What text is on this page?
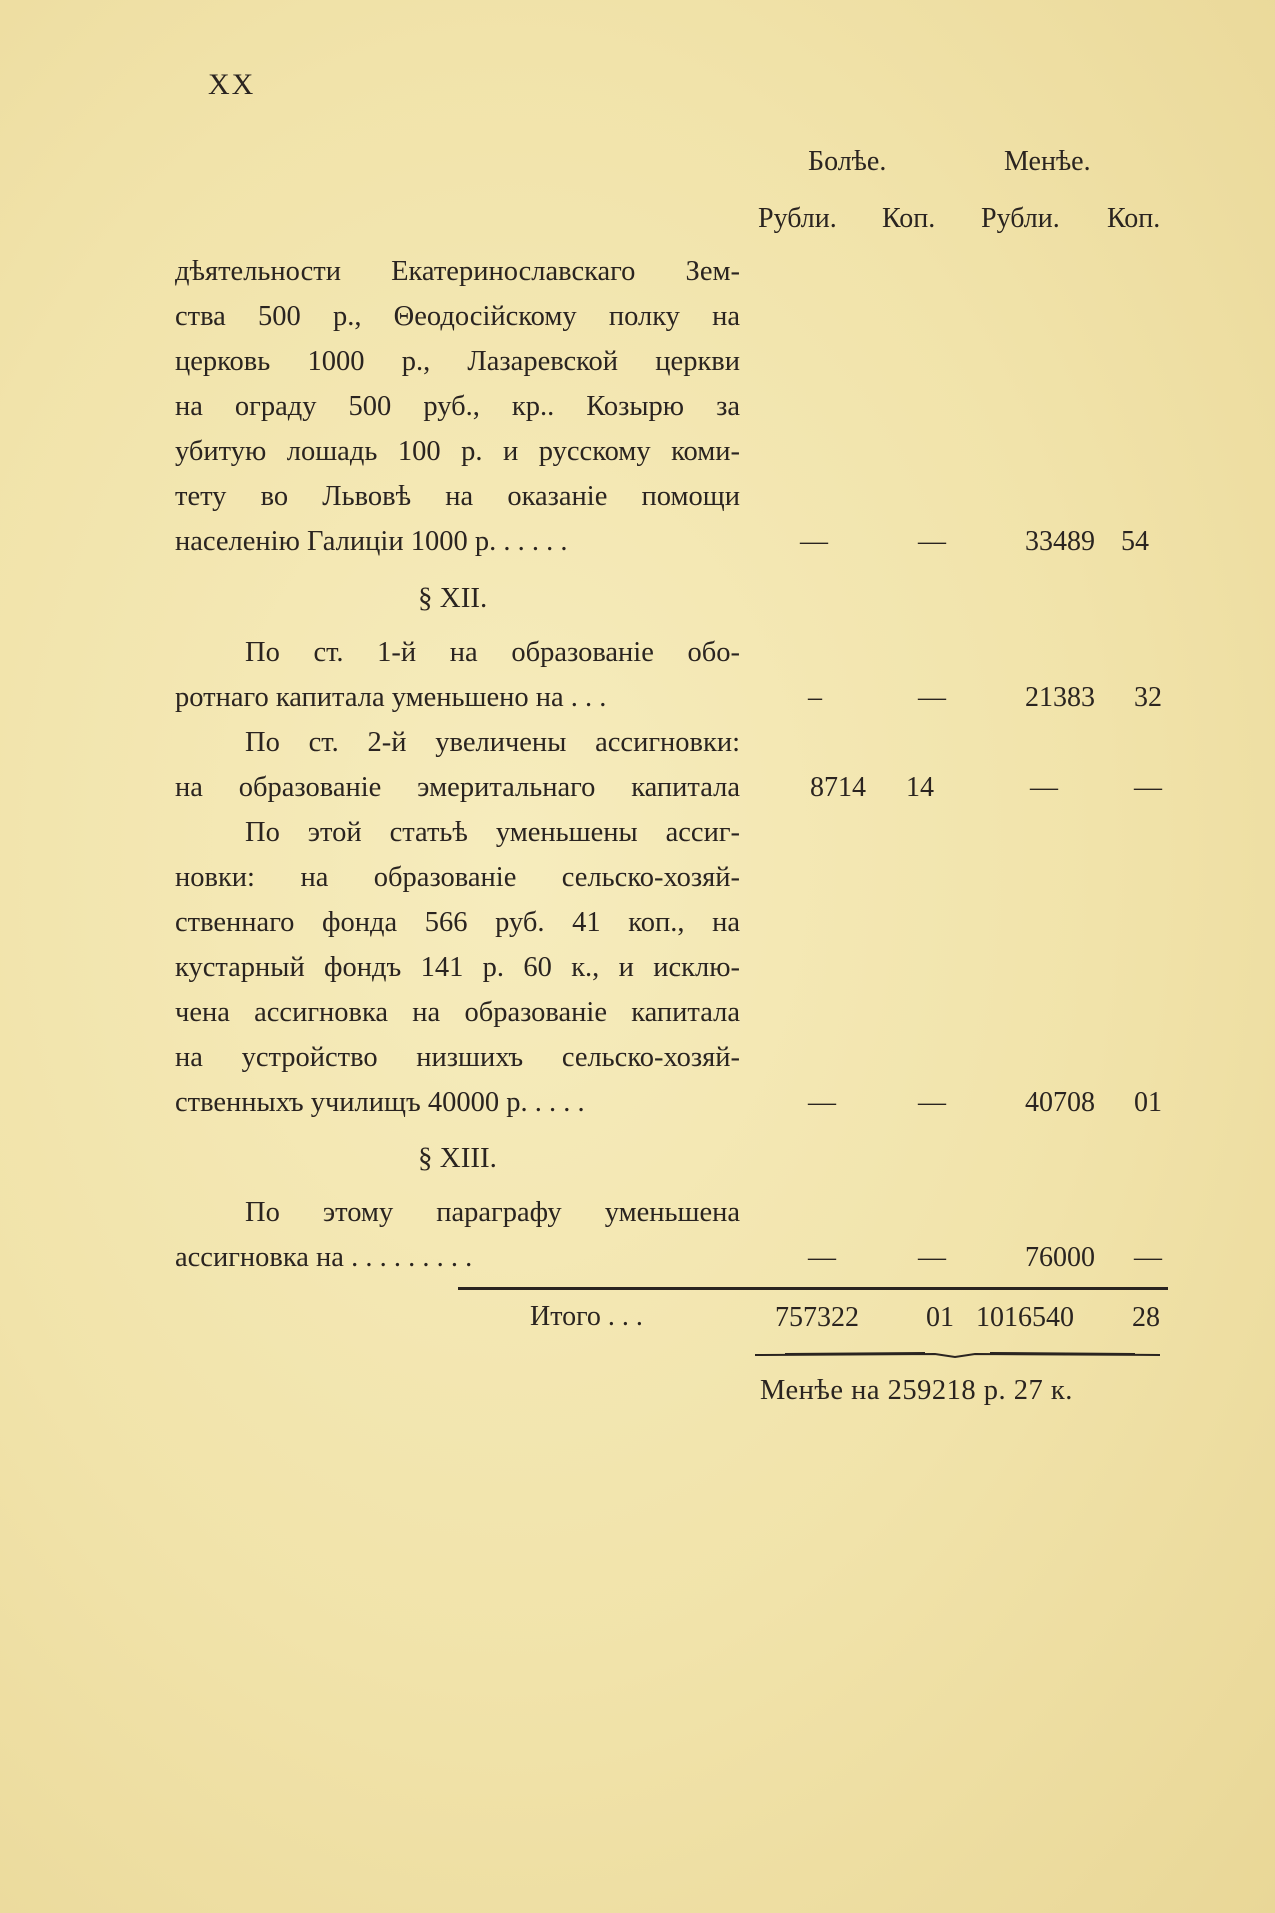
XX
Болѣе.	Менѣе.
Рубли. Коп. Рубли. Коп.
дѣятельности Екатеринославскаго Зем-
ства 500 р., Θеодосійскому полку на
церковь 1000 р., Лазаревской церкви
на ограду 500 руб., кр.. Козырю за
убитую лошадь 100 р. и русскому коми-
тету во Львовѣ на оказаніе помощи
населенію Галиціи 1000 р. . . . . .	—	—	33489 54
§ XII.
По ст. 1-й на образованіе обо-
ротнаго капитала уменьшено на . . .	–	—	21383 32
По ст. 2-й увеличены ассигновки:
на образованіе эмеритальнаго капитала	8714 14	—	—
По этой статьѣ уменьшены ассиг-
новки: на образованіе сельско-хозяй-
ственнаго фонда 566 руб. 41 коп., на
кустарный фондъ 141 р. 60 к., и исклю-
чена ассигновка на образованіе капитала
на устройство низшихъ сельско-хозяй-
ственныхъ училищъ 40000 р. . . . .	—	—	40708 01
§ XIII.
По этому параграфу уменьшена
ассигновка на . . . . . . . . .	—	—	76000 —
Итого . . .	757322 01 1016540 28
Менѣе на 259218 р. 27 к.
